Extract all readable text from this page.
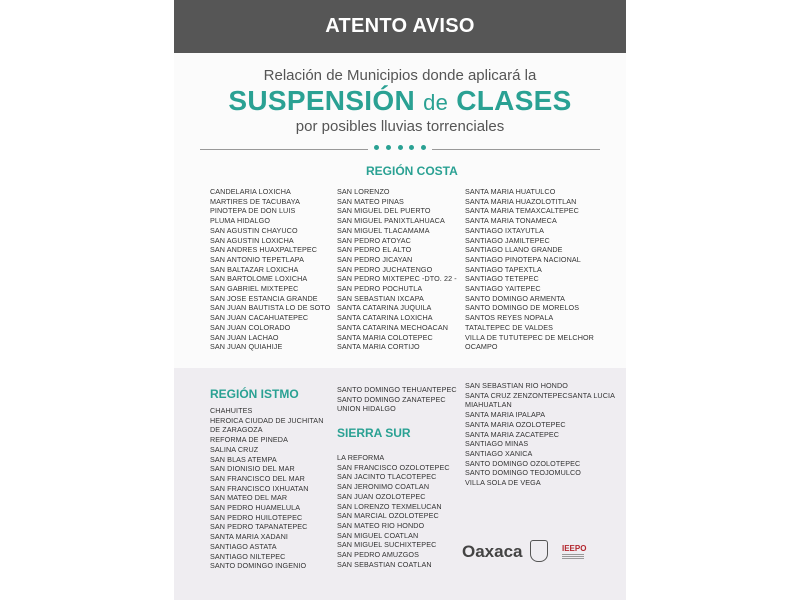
ATENTO AVISO
Relación de Municipios donde aplicará la
SUSPENSIÓN de CLASES
por posibles lluvias torrenciales
REGIÓN COSTA
CANDELARIA LOXICHA
MARTIRES DE TACUBAYA
PINOTEPA DE DON LUIS
PLUMA HIDALGO
SAN AGUSTIN CHAYUCO
SAN AGUSTIN LOXICHA
SAN ANDRES HUAXPALTEPEC
SAN ANTONIO TEPETLAPA
SAN BALTAZAR LOXICHA
SAN BARTOLOME LOXICHA
SAN GABRIEL MIXTEPEC
SAN JOSE ESTANCIA GRANDE
SAN JUAN BAUTISTA LO DE SOTO
SAN JUAN CACAHUATEPEC
SAN JUAN COLORADO
SAN JUAN LACHAO
SAN JUAN QUIAHIJE
SAN LORENZO
SAN MATEO PINAS
SAN MIGUEL DEL PUERTO
SAN MIGUEL PANIXTLAHUACA
SAN MIGUEL TLACAMAMA
SAN PEDRO ATOYAC
SAN PEDRO EL ALTO
SAN PEDRO JICAYAN
SAN PEDRO JUCHATENGO
SAN PEDRO MIXTEPEC -DTO. 22 -
SAN PEDRO POCHUTLA
SAN SEBASTIAN IXCAPA
SANTA CATARINA JUQUILA
SANTA CATARINA LOXICHA
SANTA CATARINA MECHOACAN
SANTA MARIA COLOTEPEC
SANTA MARIA CORTIJO
SANTA MARIA HUATULCO
SANTA MARIA HUAZOLOTITLAN
SANTA MARIA TEMAXCALTEPEC
SANTA MARIA TONAMECA
SANTIAGO IXTAYUTLA
SANTIAGO JAMILTEPEC
SANTIAGO LLANO GRANDE
SANTIAGO PINOTEPA NACIONAL
SANTIAGO TAPEXTLA
SANTIAGO TETEPEC
SANTIAGO YAITEPEC
SANTO DOMINGO ARMENTA
SANTO DOMINGO DE MORELOS
SANTOS REYES NOPALA
TATALTEPEC DE VALDES
VILLA DE TUTUTEPEC DE MELCHOR
OCAMPO
REGIÓN ISTMO
CHAHUITES
HEROICA CIUDAD DE JUCHITAN
DE ZARAGOZA
REFORMA DE PINEDA
SALINA CRUZ
SAN BLAS ATEMPA
SAN DIONISIO DEL MAR
SAN FRANCISCO DEL MAR
SAN FRANCISCO IXHUATAN
SAN MATEO DEL MAR
SAN PEDRO HUAMELULA
SAN PEDRO HUILOTEPEC
SAN PEDRO TAPANATEPEC
SANTA MARIA XADANI
SANTIAGO ASTATA
SANTIAGO NILTEPEC
SANTO DOMINGO INGENIO
SANTO DOMINGO TEHUANTEPEC
SANTO DOMINGO ZANATEPEC
UNION HIDALGO
SIERRA SUR
LA REFORMA
SAN FRANCISCO OZOLOTEPEC
SAN JACINTO TLACOTEPEC
SAN JERONIMO COATLAN
SAN JUAN OZOLOTEPEC
SAN LORENZO TEXMELUCAN
SAN MARCIAL OZOLOTEPEC
SAN MATEO RIO HONDO
SAN MIGUEL COATLAN
SAN MIGUEL SUCHIXTEPEC
SAN PEDRO AMUZGOS
SAN SEBASTIAN COATLAN
SAN SEBASTIAN RIO HONDO
SANTA CRUZ ZENZONTEPECSANTA LUCIA
MIAHUATLAN
SANTA MARIA IPALAPA
SANTA MARIA OZOLOTEPEC
SANTA MARIA ZACATEPEC
SANTIAGO MINAS
SANTIAGO XANICA
SANTO DOMINGO OZOLOTEPEC
SANTO DOMINGO TEOJOMULCO
VILLA SOLA DE VEGA
Oaxaca	IEEPO
